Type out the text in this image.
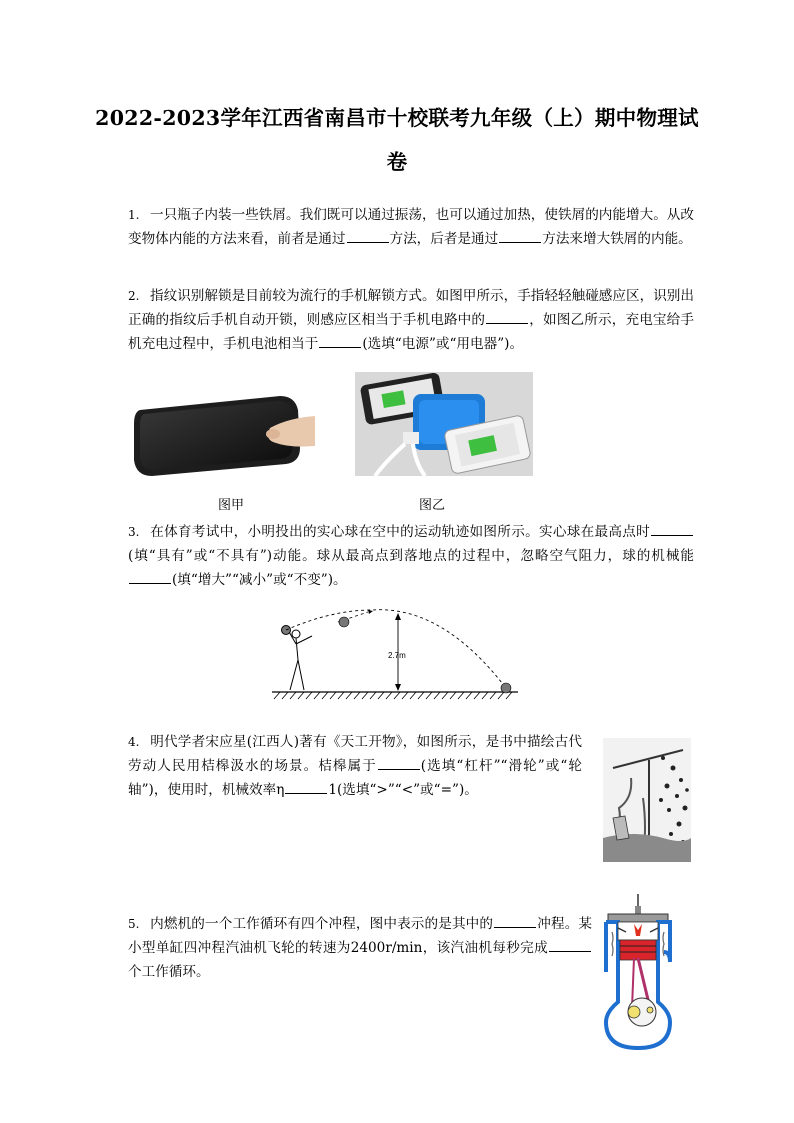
2022-2023学年江西省南昌市十校联考九年级（上）期中物理试卷
1. 一只瓶子内装一些铁屑。我们既可以通过振荡，也可以通过加热，使铁屑的内能增大。从改变物体内能的方法来看，前者是通过	方法，后者是通过	方法来增大铁屑的内能。
2. 指纹识别解锁是目前较为流行的手机解锁方式。如图甲所示，手指轻轻触碰感应区，识别出正确的指纹后手机自动开锁，则感应区相当于手机电路中的	，如图乙所示，充电宝给手机充电过程中，手机电池相当于	(选填“电源”或“用电器”)。
图甲	图乙
3. 在体育考试中，小明投出的实心球在空中的运动轨迹如图所示。实心球在最高点时(填“具有”或“不具有”)动能。球从最高点到落地点的过程中，忽略空气阻力，球的机械能(填“增大”“减小”或“不变”)。
2.7m
4. 明代学者宋应星(江西人)著有《天工开物》，如图所示，是书中描绘古代劳动人民用桔槔汲水的场景。桔槔属于	(选填“杠杆”“滑轮”或“轮轴”)，使用时，机械效率η	1(选填“>”“<”或“=”)。
5. 内燃机的一个工作循环有四个冲程，图中表示的是其中的	冲程。某小型单缸四冲程汽油机飞轮的转速为2400r/min，该汽油机每秒完成个工作循环。
